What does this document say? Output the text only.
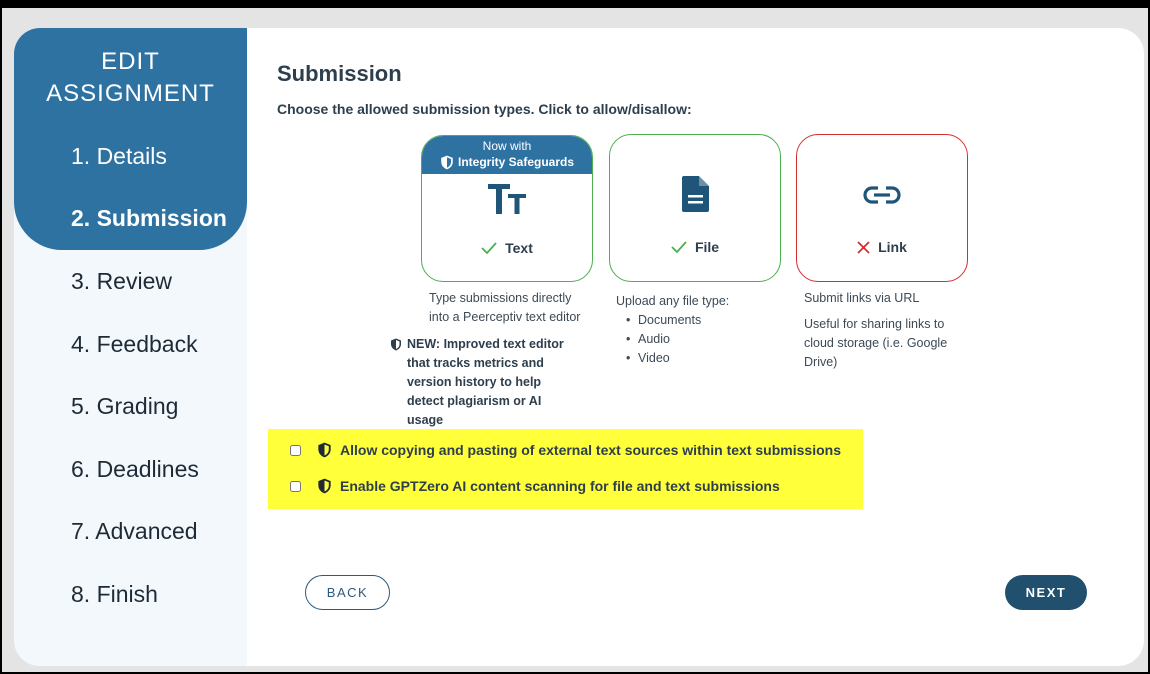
EDIT
ASSIGNMENT
1. Details
2. Submission
3. Review
4. Feedback
5. Grading
6. Deadlines
7. Advanced
8. Finish
Submission
Choose the allowed submission types. Click to allow/disallow:
Now with
Integrity Safeguards
Text	File	Link
Type submissions directly into a Peerceptiv text editor
NEW: Improved text editor that tracks metrics and version history to help detect plagiarism or AI usage
Upload any file type:
• Documents
• Audio
• Video
Submit links via URL
Useful for sharing links to cloud storage (i.e. Google Drive)
Allow copying and pasting of external text sources within text submissions
Enable GPTZero AI content scanning for file and text submissions
BACK	NEXT
